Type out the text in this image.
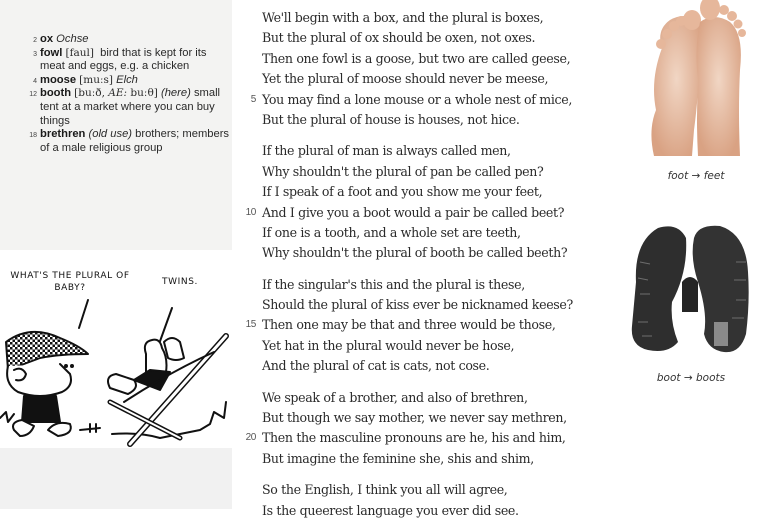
2 ox Ochse
3 fowl [faul] bird that is kept for its meat and eggs, e.g. a chicken
4 moose [muːs] Elch
12 booth [buːð, AE: buːθ] (here) small tent at a market where you can buy things
18 brethren (old use) brothers; members of a male religious group
WHAT'S THE PLURAL OF BABY?
TWINS.
We'll begin with a box, and the plural is boxes,
But the plural of ox should be oxen, not oxes.
Then one fowl is a goose, but two are called geese,
Yet the plural of moose should never be meese,
5 You may find a lone mouse or a whole nest of mice,
But the plural of house is houses, not hice.
If the plural of man is always called men,
Why shouldn't the plural of pan be called pen?
If I speak of a foot and you show me your feet,
10 And I give you a boot would a pair be called beet?
If one is a tooth, and a whole set are teeth,
Why shouldn't the plural of booth be called beeth?
If the singular's this and the plural is these,
Should the plural of kiss ever be nicknamed keese?
15 Then one may be that and three would be those,
Yet hat in the plural would never be hose,
And the plural of cat is cats, not cose.
We speak of a brother, and also of brethren,
But though we say mother, we never say methren,
20 Then the masculine pronouns are he, his and him,
But imagine the feminine she, shis and shim,
So the English, I think you all will agree,
Is the queerest language you ever did see.
foot → feet
boot → boots
